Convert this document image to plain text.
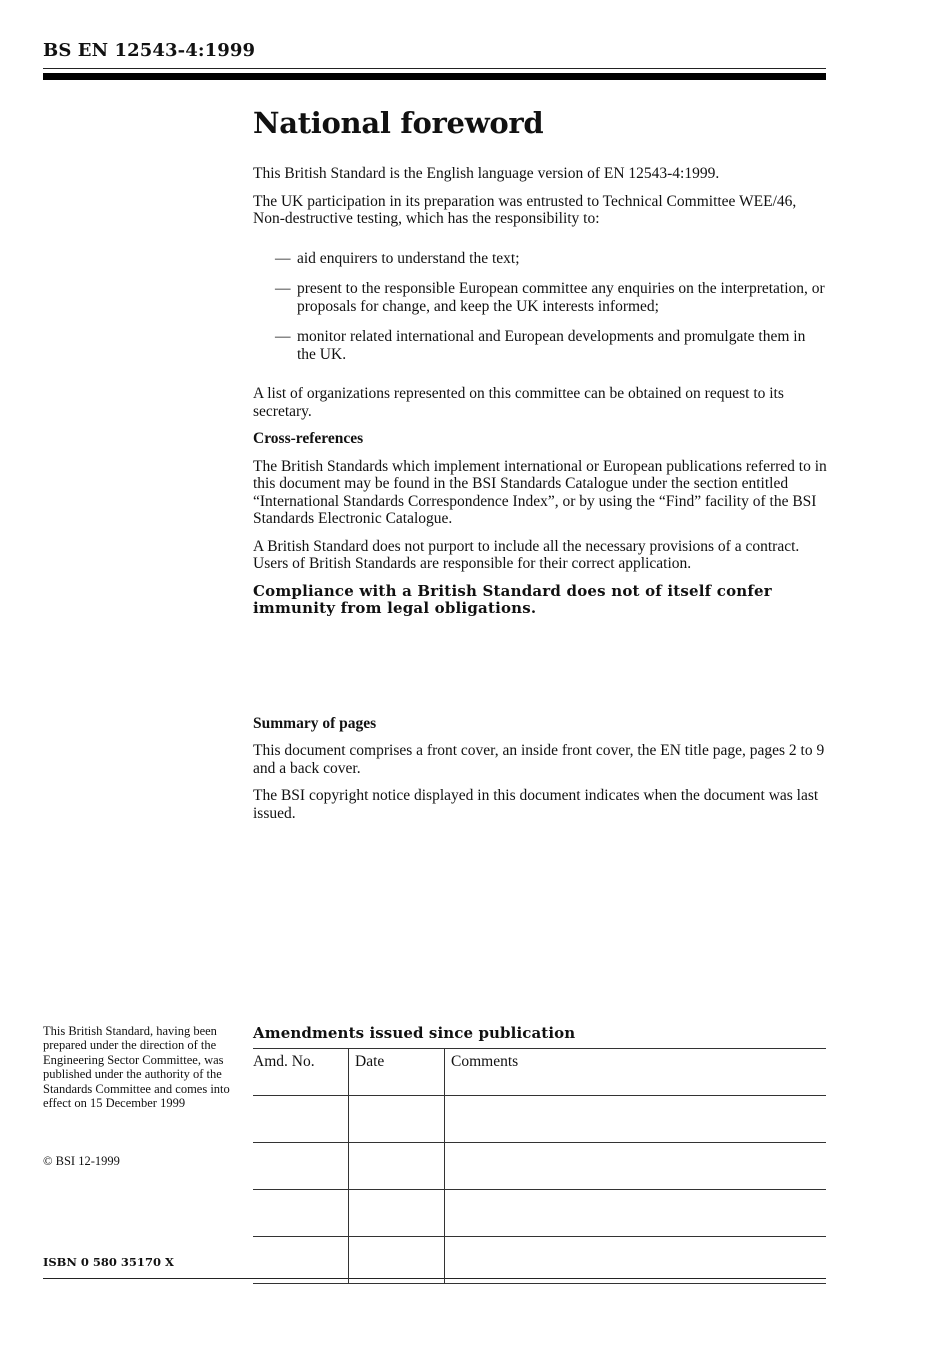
BS EN 12543-4:1999
National foreword

This British Standard is the English language version of EN 12543-4:1999.

The UK participation in its preparation was entrusted to Technical Committee WEE/46, Non-destructive testing, which has the responsibility to:

— aid enquirers to understand the text;
— present to the responsible European committee any enquiries on the interpretation, or proposals for change, and keep the UK interests informed;
— monitor related international and European developments and promulgate them in the UK.

A list of organizations represented on this committee can be obtained on request to its secretary.

Cross-references

The British Standards which implement international or European publications referred to in this document may be found in the BSI Standards Catalogue under the section entitled “International Standards Correspondence Index”, or by using the “Find” facility of the BSI Standards Electronic Catalogue.

A British Standard does not purport to include all the necessary provisions of a contract. Users of British Standards are responsible for their correct application.

Compliance with a British Standard does not of itself confer immunity from legal obligations.

Summary of pages

This document comprises a front cover, an inside front cover, the EN title page, pages 2 to 9 and a back cover.

The BSI copyright notice displayed in this document indicates when the document was last issued.

This British Standard, having been prepared under the direction of the Engineering Sector Committee, was published under the authority of the Standards Committee and comes into effect on 15 December 1999
© BSI 12-1999

ISBN 0 580 35170 X

Amendments issued since publication
Amd. No.	Date	Comments
